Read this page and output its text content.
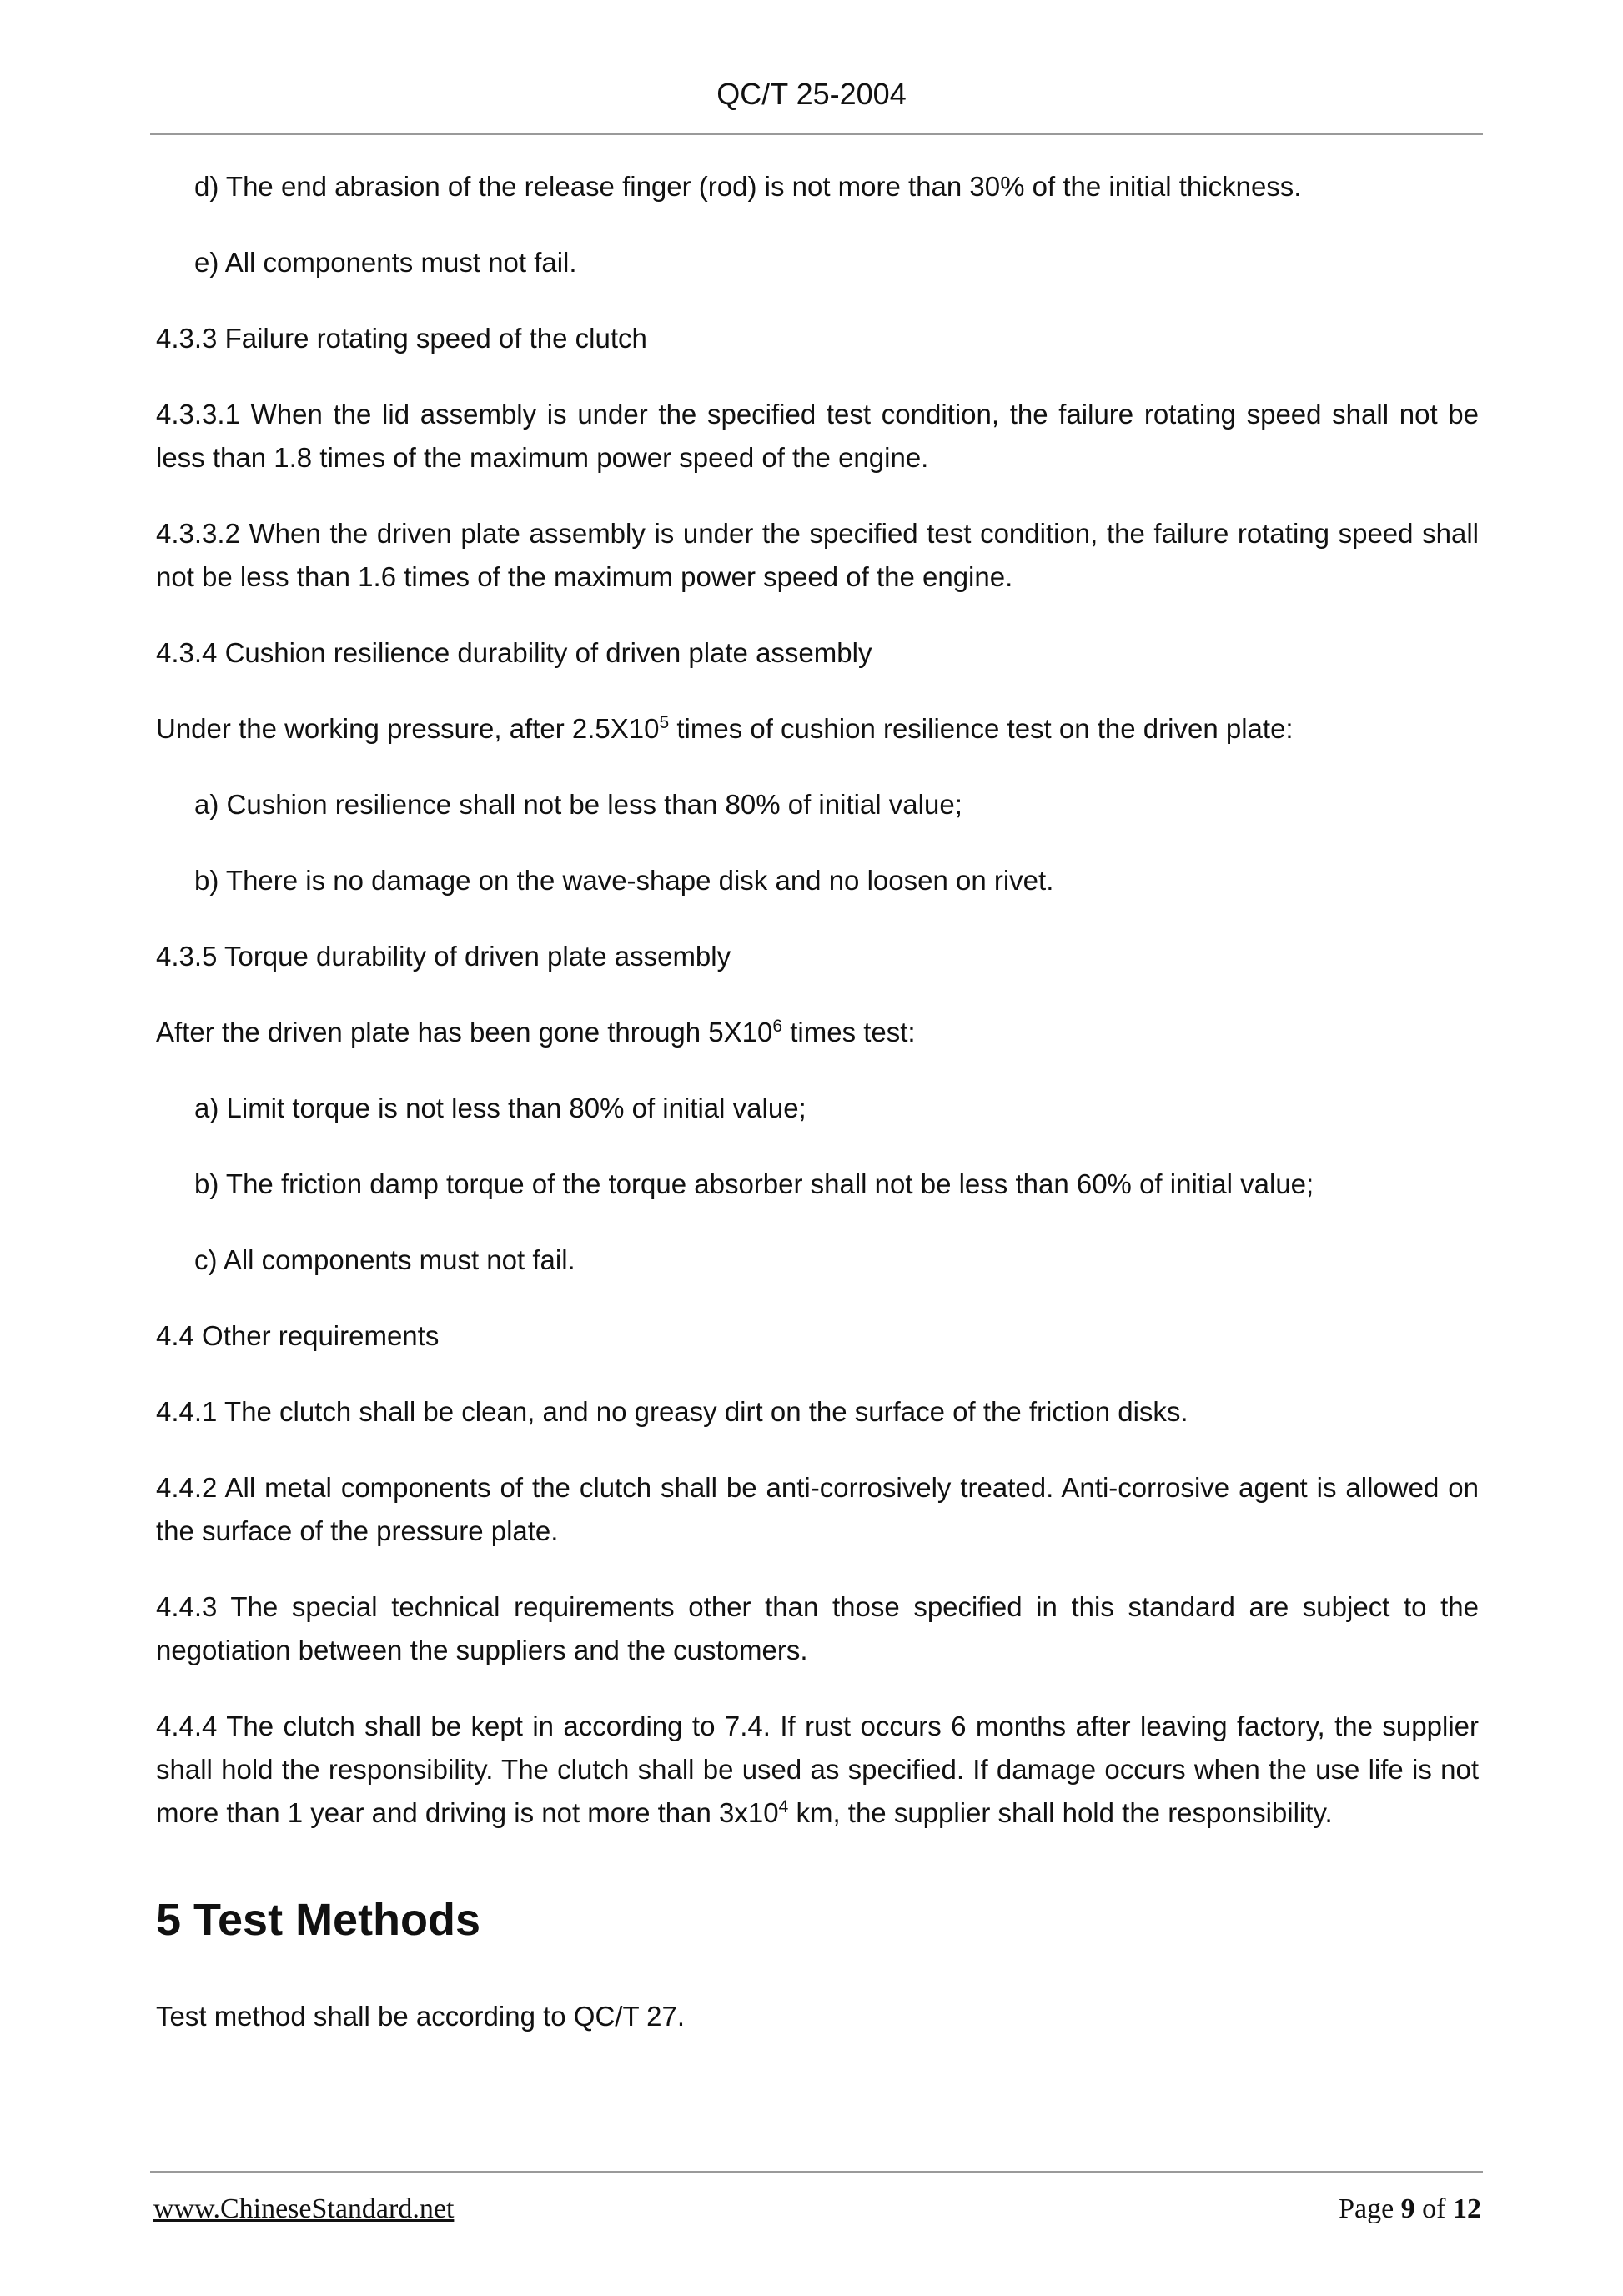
QC/T 25-2004

d) The end abrasion of the release finger (rod) is not more than 30% of the initial thickness.

e) All components must not fail.

4.3.3 Failure rotating speed of the clutch

4.3.3.1 When the lid assembly is under the specified test condition, the failure rotating speed shall not be less than 1.8 times of the maximum power speed of the engine.

4.3.3.2 When the driven plate assembly is under the specified test condition, the failure rotating speed shall not be less than 1.6 times of the maximum power speed of the engine.

4.3.4 Cushion resilience durability of driven plate assembly

Under the working pressure, after $2.5X10^5$ times of cushion resilience test on the driven plate:

a) Cushion resilience shall not be less than 80% of initial value;

b) There is no damage on the wave-shape disk and no loosen on rivet.

4.3.5 Torque durability of driven plate assembly

After the driven plate has been gone through $5X10^6$ times test:

a) Limit torque is not less than 80% of initial value;

b) The friction damp torque of the torque absorber shall not be less than 60% of initial value;

c) All components must not fail.

4.4 Other requirements

4.4.1 The clutch shall be clean, and no greasy dirt on the surface of the friction disks.

4.4.2 All metal components of the clutch shall be anti-corrosively treated. Anti-corrosive agent is allowed on the surface of the pressure plate.

4.4.3 The special technical requirements other than those specified in this standard are subject to the negotiation between the suppliers and the customers.

4.4.4 The clutch shall be kept in according to 7.4. If rust occurs 6 months after leaving factory, the supplier shall hold the responsibility. The clutch shall be used as specified. If damage occurs when the use life is not more than 1 year and driving is not more than $3x10^4$ km, the supplier shall hold the responsibility.

5 Test Methods

Test method shall be according to QC/T 27.

www.ChineseStandard.net	Page 9 of 12
